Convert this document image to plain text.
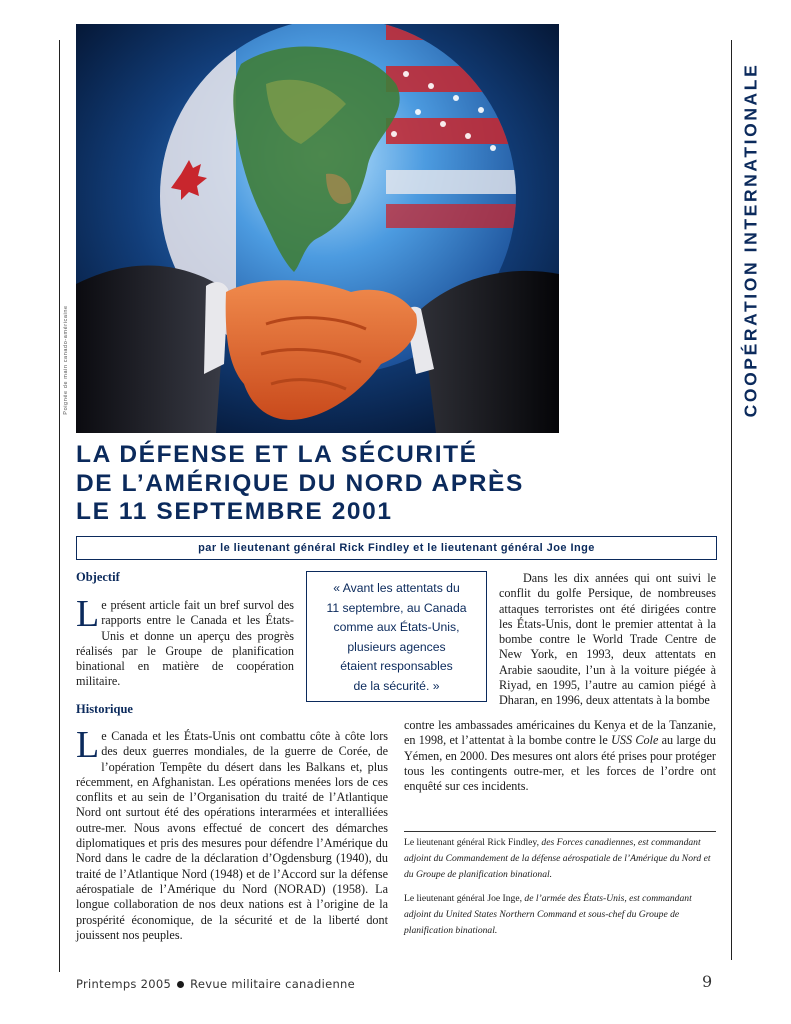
COOPÉRATION INTERNATIONALE
Poignée de main canado-américaine
LA DÉFENSE ET LA SÉCURITÉ
DE L’AMÉRIQUE DU NORD APRÈS
LE 11 SEPTEMBRE 2001
par le lieutenant général Rick Findley et le lieutenant général Joe Inge
Objectif
Le présent article fait un bref survol des rapports entre le Canada et les États-Unis et donne un aperçu des progrès réalisés par le Groupe de planification binational en matière de coopération militaire.
Historique
Le Canada et les États-Unis ont combattu côte à côte lors des deux guerres mondiales, de la guerre de Corée, de l’opération Tempête du désert dans les Balkans et, plus récemment, en Afghanistan. Les opérations menées lors de ces conflits et au sein de l’Organisation du traité de l’Atlantique Nord ont surtout été des opérations interarmées et interalliées outre-mer. Nous avons effectué de concert des démarches diplomatiques et pris des mesures pour défendre l’Amérique du Nord dans le cadre de la déclaration d’Ogdensburg (1940), du traité de l’Atlantique Nord (1948) et de l’Accord sur la défense aérospatiale de l’Amérique du Nord (NORAD) (1958). La longue collaboration de nos deux nations est à l’origine de la prospérité économique, de la sécurité et de la liberté dont jouissent nos peuples.
Dans les dix années qui ont suivi le conflit du golfe Persique, de nombreuses attaques terroristes ont été dirigées contre les États-Unis, dont le premier attentat à la bombe contre le World Trade Centre de New York, en 1993, deux attentats en Arabie saoudite, l’un à la voiture piégée à Riyad, en 1995, l’autre au camion piégé à Dharan, en 1996, deux attentats à la bombe
contre les ambassades américaines du Kenya et de la Tanzanie, en 1998, et l’attentat à la bombe contre le USS Cole au large du Yémen, en 2000. Des mesures ont alors été prises pour protéger tous les contingents outre-mer, et les forces de l’ordre ont enquêté sur ces incidents.
« Avant les attentats du
11 septembre, au Canada
comme aux États-Unis,
plusieurs agences
étaient responsables
de la sécurité. »
Le lieutenant général Rick Findley, des Forces canadiennes, est commandant adjoint du Commandement de la défense aérospatiale de l’Amérique du Nord et du Groupe de planification binational.
Le lieutenant général Joe Inge, de l’armée des États-Unis, est commandant adjoint du United States Northern Command et sous-chef du Groupe de planification binational.
Printemps 2005 Revue militaire canadienne	9
